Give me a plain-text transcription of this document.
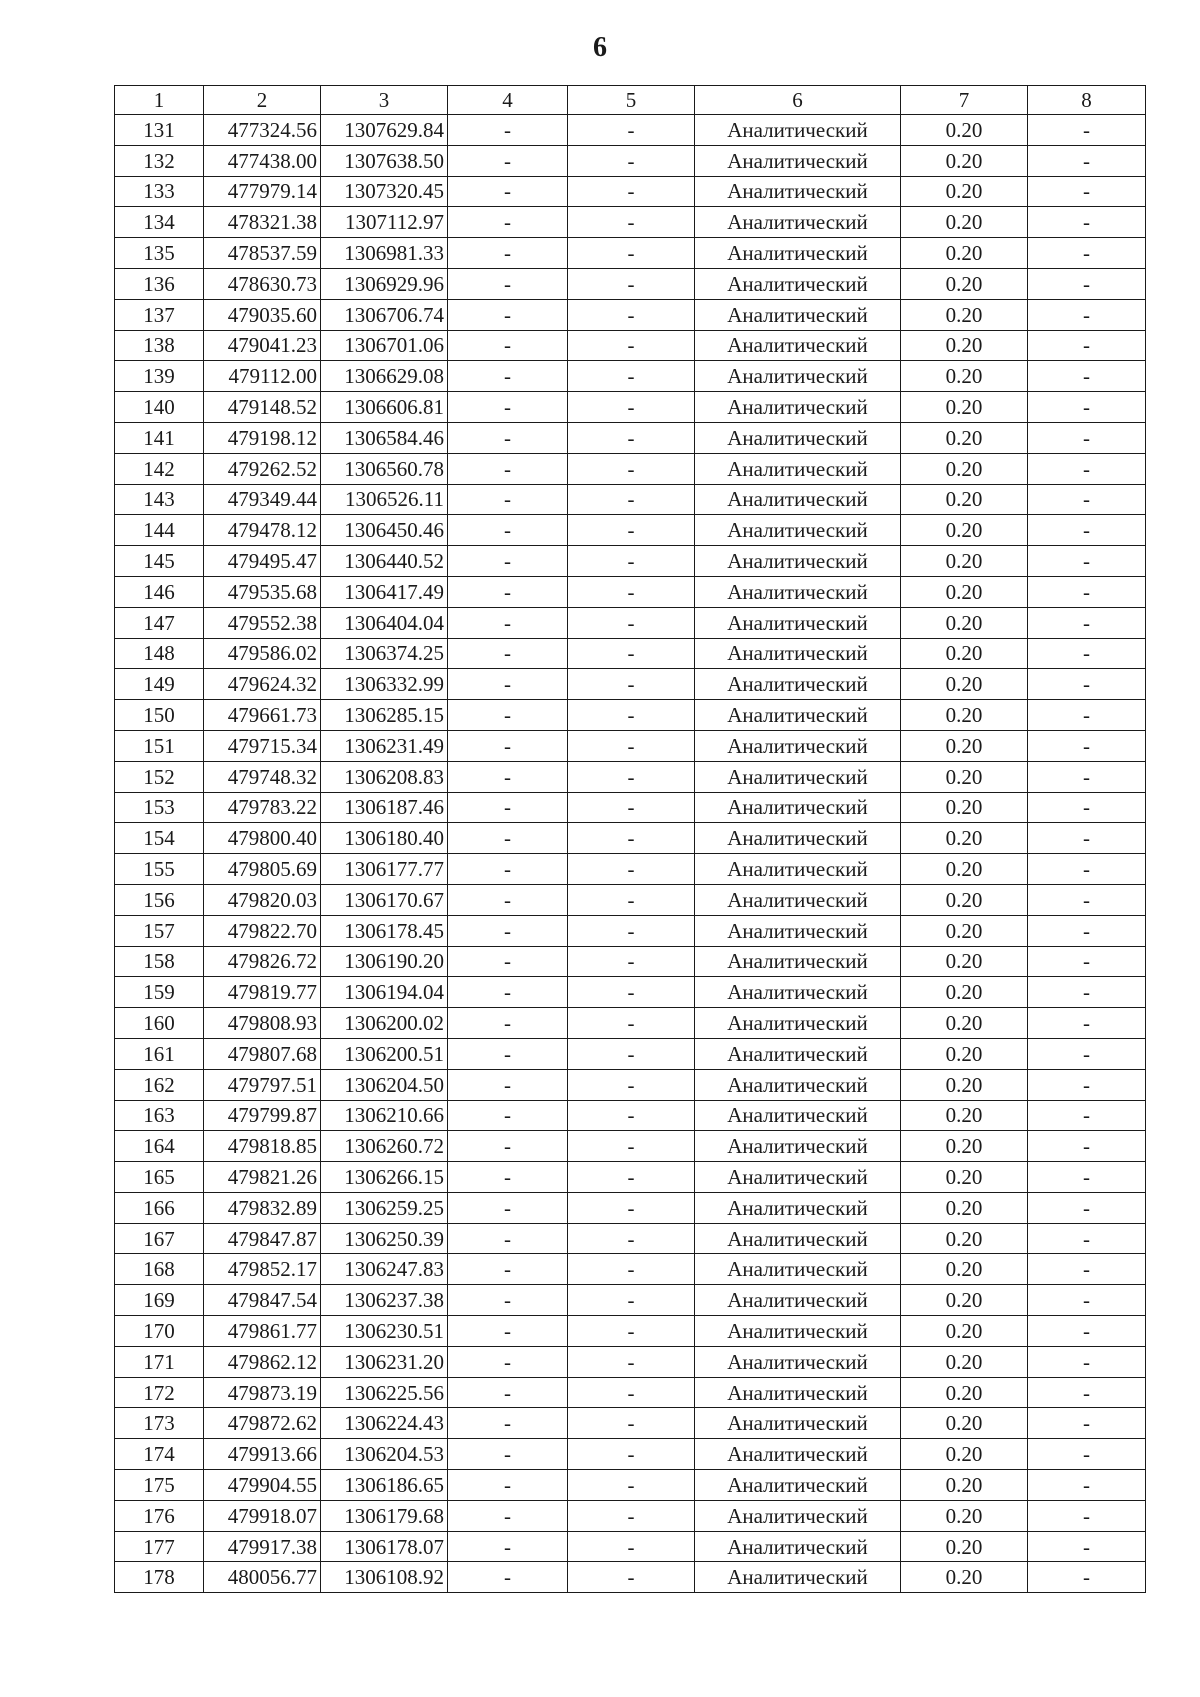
6
1	2	3	4	5	6	7	8
131	477324.56	1307629.84	-	-	Аналитический	0.20	-
132	477438.00	1307638.50	-	-	Аналитический	0.20	-
133	477979.14	1307320.45	-	-	Аналитический	0.20	-
134	478321.38	1307112.97	-	-	Аналитический	0.20	-
135	478537.59	1306981.33	-	-	Аналитический	0.20	-
136	478630.73	1306929.96	-	-	Аналитический	0.20	-
137	479035.60	1306706.74	-	-	Аналитический	0.20	-
138	479041.23	1306701.06	-	-	Аналитический	0.20	-
139	479112.00	1306629.08	-	-	Аналитический	0.20	-
140	479148.52	1306606.81	-	-	Аналитический	0.20	-
141	479198.12	1306584.46	-	-	Аналитический	0.20	-
142	479262.52	1306560.78	-	-	Аналитический	0.20	-
143	479349.44	1306526.11	-	-	Аналитический	0.20	-
144	479478.12	1306450.46	-	-	Аналитический	0.20	-
145	479495.47	1306440.52	-	-	Аналитический	0.20	-
146	479535.68	1306417.49	-	-	Аналитический	0.20	-
147	479552.38	1306404.04	-	-	Аналитический	0.20	-
148	479586.02	1306374.25	-	-	Аналитический	0.20	-
149	479624.32	1306332.99	-	-	Аналитический	0.20	-
150	479661.73	1306285.15	-	-	Аналитический	0.20	-
151	479715.34	1306231.49	-	-	Аналитический	0.20	-
152	479748.32	1306208.83	-	-	Аналитический	0.20	-
153	479783.22	1306187.46	-	-	Аналитический	0.20	-
154	479800.40	1306180.40	-	-	Аналитический	0.20	-
155	479805.69	1306177.77	-	-	Аналитический	0.20	-
156	479820.03	1306170.67	-	-	Аналитический	0.20	-
157	479822.70	1306178.45	-	-	Аналитический	0.20	-
158	479826.72	1306190.20	-	-	Аналитический	0.20	-
159	479819.77	1306194.04	-	-	Аналитический	0.20	-
160	479808.93	1306200.02	-	-	Аналитический	0.20	-
161	479807.68	1306200.51	-	-	Аналитический	0.20	-
162	479797.51	1306204.50	-	-	Аналитический	0.20	-
163	479799.87	1306210.66	-	-	Аналитический	0.20	-
164	479818.85	1306260.72	-	-	Аналитический	0.20	-
165	479821.26	1306266.15	-	-	Аналитический	0.20	-
166	479832.89	1306259.25	-	-	Аналитический	0.20	-
167	479847.87	1306250.39	-	-	Аналитический	0.20	-
168	479852.17	1306247.83	-	-	Аналитический	0.20	-
169	479847.54	1306237.38	-	-	Аналитический	0.20	-
170	479861.77	1306230.51	-	-	Аналитический	0.20	-
171	479862.12	1306231.20	-	-	Аналитический	0.20	-
172	479873.19	1306225.56	-	-	Аналитический	0.20	-
173	479872.62	1306224.43	-	-	Аналитический	0.20	-
174	479913.66	1306204.53	-	-	Аналитический	0.20	-
175	479904.55	1306186.65	-	-	Аналитический	0.20	-
176	479918.07	1306179.68	-	-	Аналитический	0.20	-
177	479917.38	1306178.07	-	-	Аналитический	0.20	-
178	480056.77	1306108.92	-	-	Аналитический	0.20	-
